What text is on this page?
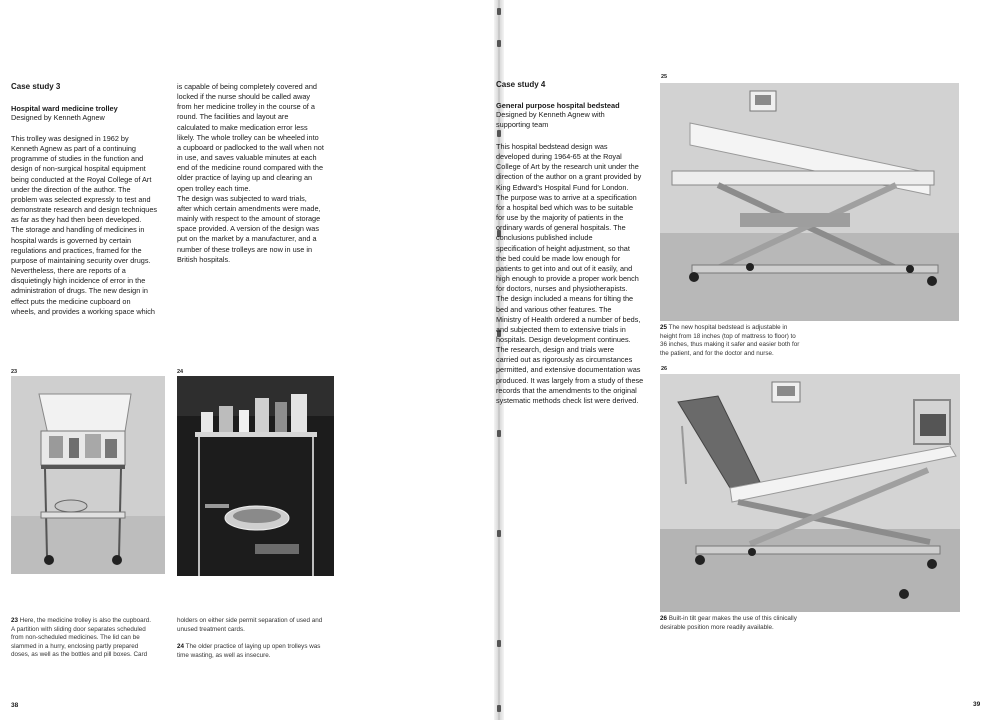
Case study 3

Hospital ward medicine trolley

Designed by Kenneth Agnew

This trolley was designed in 1962 by
Kenneth Agnew as part of a continuing
programme of studies in the function and
design of non-surgical hospital equipment
being conducted at the Royal College of Art
under the direction of the author. The
problem was selected expressly to test and
demonstrate research and design techniques
as far as they had then been developed.
The storage and handling of medicines in
hospital wards is governed by certain
regulations and practices, framed for the
purpose of maintaining security over drugs.
Nevertheless, there are reports of a
disquietingly high incidence of error in the
administration of drugs. The new design in
effect puts the medicine cupboard on
wheels, and provides a working space which

is capable of being completely covered and
locked if the nurse should be called away
from her medicine trolley in the course of a
round. The facilities and layout are
calculated to make medication error less
likely. The whole trolley can be wheeled into
a cupboard or padlocked to the wall when not
in use, and saves valuable minutes at each
end of the medicine round compared with the
older practice of laying up and clearing an
open trolley each time.
The design was subjected to ward trials,
after which certain amendments were made,
mainly with respect to the amount of storage
space provided. A version of the design was
put on the market by a manufacturer, and a
number of these trolleys are now in use in
British hospitals.

23	24

23 Here, the medicine trolley is also the cupboard.
A partition with sliding door separates scheduled
from non-scheduled medicines. The lid can be
slammed in a hurry, enclosing partly prepared
doses, as well as the bottles and pill boxes. Card

holders on either side permit separation of used and
unused treatment cards.

24 The older practice of laying up open trolleys was
time wasting, as well as insecure.

38

Case study 4

General purpose hospital bedstead

Designed by Kenneth Agnew with
supporting team

This hospital bedstead design was
developed during 1964-65 at the Royal
College of Art by the research unit under the
direction of the author on a grant provided by
King Edward's Hospital Fund for London.
The purpose was to arrive at a specification
for a hospital bed which was to be suitable
for use by the majority of patients in the
ordinary wards of general hospitals. The
conclusions published include
specification of height adjustment, so that
the bed could be made low enough for
patients to get into and out of it easily, and
high enough to provide a proper work bench
for doctors, nurses and physiotherapists.
The design included a means for tilting the
bed and various other features. The
Ministry of Health ordered a number of beds,
and subjected them to extensive trials in
hospitals. Design development continues.
The research, design and trials were
carried out as rigorously as circumstances
permitted, and extensive documentation was
produced. It was largely from a study of these
records that the amendments to the original
systematic methods check list were derived.

25

25 The new hospital bedstead is adjustable in
height from 18 inches (top of mattress to floor) to
36 inches, thus making it safer and easier both for
the patient, and for the doctor and nurse.

26

26 Built-in tilt gear makes the use of this clinically
desirable position more readily available.

39
